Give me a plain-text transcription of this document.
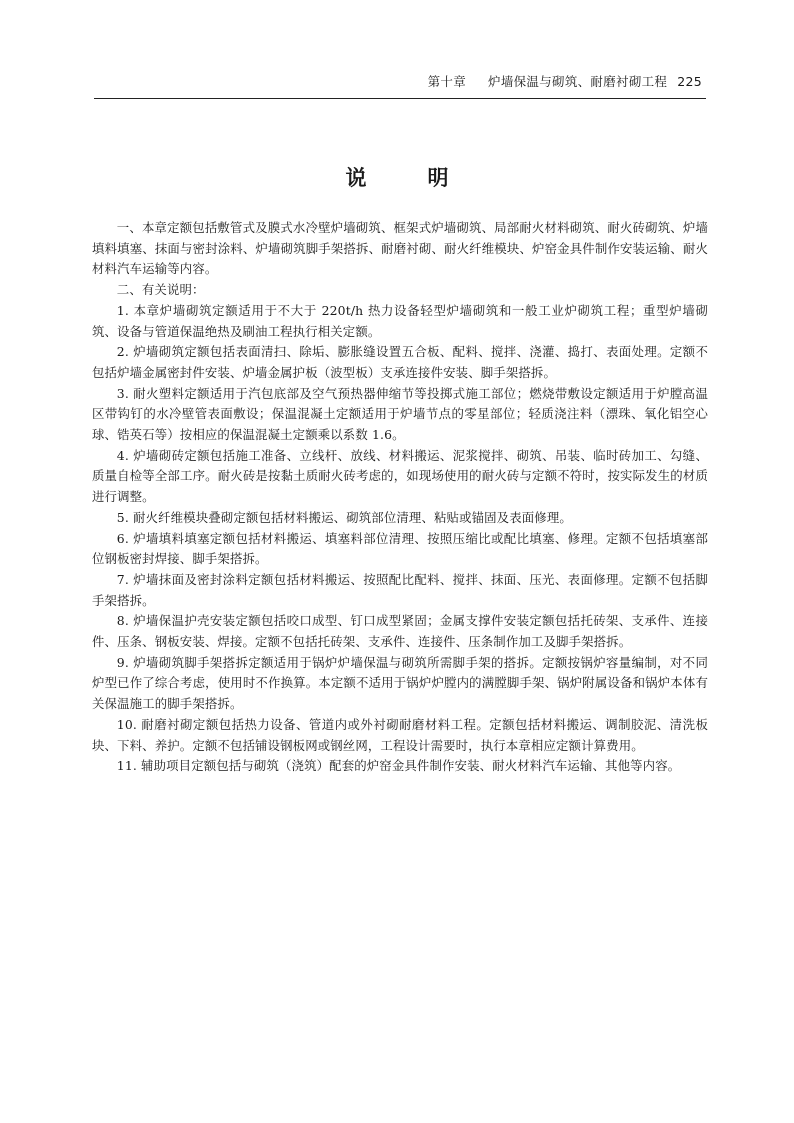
第十章 炉墙保温与砌筑、耐磨衬砌工程 225
说　明

一、本章定额包括敷管式及膜式水冷壁炉墙砌筑、框架式炉墙砌筑、局部耐火材料砌筑、耐火砖砌筑、炉墙填料填塞、抹面与密封涂料、炉墙砌筑脚手架搭拆、耐磨衬砌、耐火纤维模块、炉窑金具件制作安装运输、耐火材料汽车运输等内容。

二、有关说明：

1. 本章炉墙砌筑定额适用于不大于 220t/h 热力设备轻型炉墙砌筑和一般工业炉砌筑工程；重型炉墙砌筑、设备与管道保温绝热及刷油工程执行相关定额。

2. 炉墙砌筑定额包括表面清扫、除垢、膨胀缝设置五合板、配料、搅拌、浇灌、捣打、表面处理。定额不包括炉墙金属密封件安装、炉墙金属护板（波型板）支承连接件安装、脚手架搭拆。

3. 耐火塑料定额适用于汽包底部及空气预热器伸缩节等投掷式施工部位；燃烧带敷设定额适用于炉膛高温区带钩钉的水冷壁管表面敷设；保温混凝土定额适用于炉墙节点的零星部位；轻质浇注料（漂珠、氧化铝空心球、锆英石等）按相应的保温混凝土定额乘以系数 1.6。

4. 炉墙砌砖定额包括施工准备、立线杆、放线、材料搬运、泥浆搅拌、砌筑、吊装、临时砖加工、勾缝、质量自检等全部工序。耐火砖是按黏土质耐火砖考虑的，如现场使用的耐火砖与定额不符时，按实际发生的材质进行调整。

5. 耐火纤维模块叠砌定额包括材料搬运、砌筑部位清理、粘贴或锚固及表面修理。

6. 炉墙填料填塞定额包括材料搬运、填塞料部位清理、按照压缩比或配比填塞、修理。定额不包括填塞部位钢板密封焊接、脚手架搭拆。

7. 炉墙抹面及密封涂料定额包括材料搬运、按照配比配料、搅拌、抹面、压光、表面修理。定额不包括脚手架搭拆。

8. 炉墙保温护壳安装定额包括咬口成型、钉口成型紧固；金属支撑件安装定额包括托砖架、支承件、连接件、压条、钢板安装、焊接。定额不包括托砖架、支承件、连接件、压条制作加工及脚手架搭拆。

9. 炉墙砌筑脚手架搭拆定额适用于锅炉炉墙保温与砌筑所需脚手架的搭拆。定额按锅炉容量编制，对不同炉型已作了综合考虑，使用时不作换算。本定额不适用于锅炉炉膛内的满膛脚手架、锅炉附属设备和锅炉本体有关保温施工的脚手架搭拆。

10. 耐磨衬砌定额包括热力设备、管道内或外衬砌耐磨材料工程。定额包括材料搬运、调制胶泥、清洗板块、下料、养护。定额不包括铺设钢板网或钢丝网，工程设计需要时，执行本章相应定额计算费用。

11. 辅助项目定额包括与砌筑（浇筑）配套的炉窑金具件制作安装、耐火材料汽车运输、其他等内容。
